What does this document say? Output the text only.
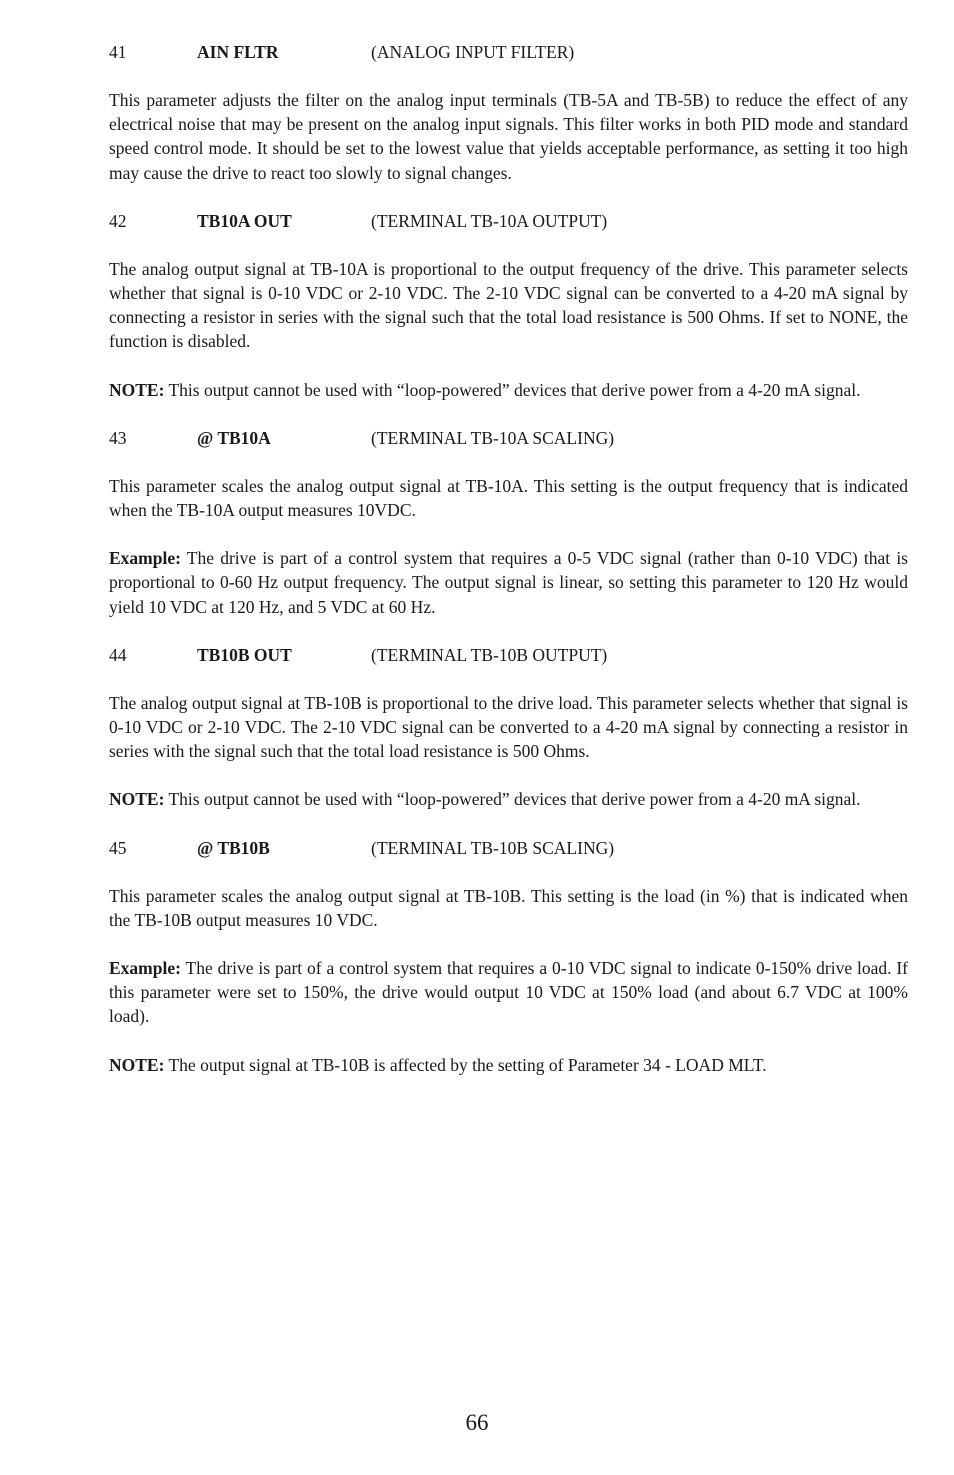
41	AIN FLTR	(ANALOG INPUT FILTER)

This parameter adjusts the filter on the analog input terminals (TB-5A and TB-5B) to reduce the effect of any electrical noise that may be present on the analog input signals. This filter works in both PID mode and standard speed control mode. It should be set to the lowest value that yields acceptable performance, as setting it too high may cause the drive to react too slowly to signal changes.

42	TB10A OUT	(TERMINAL TB-10A OUTPUT)

The analog output signal at TB-10A is proportional to the output frequency of the drive. This parameter selects whether that signal is 0-10 VDC or 2-10 VDC. The 2-10 VDC signal can be converted to a 4-20 mA signal by connecting a resistor in series with the signal such that the total load resistance is 500 Ohms. If set to NONE, the function is disabled.

NOTE: This output cannot be used with “loop-powered” devices that derive power from a 4-20 mA signal.

43	@ TB10A	(TERMINAL TB-10A SCALING)

This parameter scales the analog output signal at TB-10A. This setting is the output frequency that is indicated when the TB-10A output measures 10VDC.

Example: The drive is part of a control system that requires a 0-5 VDC signal (rather than 0-10 VDC) that is proportional to 0-60 Hz output frequency. The output signal is linear, so setting this parameter to 120 Hz would yield 10 VDC at 120 Hz, and 5 VDC at 60 Hz.

44	TB10B OUT	(TERMINAL TB-10B OUTPUT)

The analog output signal at TB-10B is proportional to the drive load. This parameter selects whether that signal is 0-10 VDC or 2-10 VDC. The 2-10 VDC signal can be converted to a 4-20 mA signal by connecting a resistor in series with the signal such that the total load resistance is 500 Ohms.

NOTE: This output cannot be used with “loop-powered” devices that derive power from a 4-20 mA signal.

45	@ TB10B	(TERMINAL TB-10B SCALING)

This parameter scales the analog output signal at TB-10B. This setting is the load (in %) that is indicated when the TB-10B output measures 10 VDC.

Example: The drive is part of a control system that requires a 0-10 VDC signal to indicate 0-150% drive load. If this parameter were set to 150%, the drive would output 10 VDC at 150% load (and about 6.7 VDC at 100% load).

NOTE: The output signal at TB-10B is affected by the setting of Parameter 34 - LOAD MLT.

66
